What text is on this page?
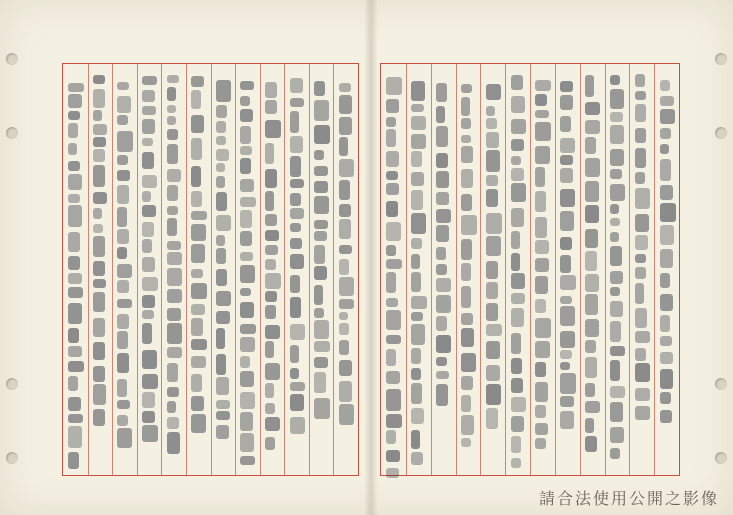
請合法使用公開之影像
